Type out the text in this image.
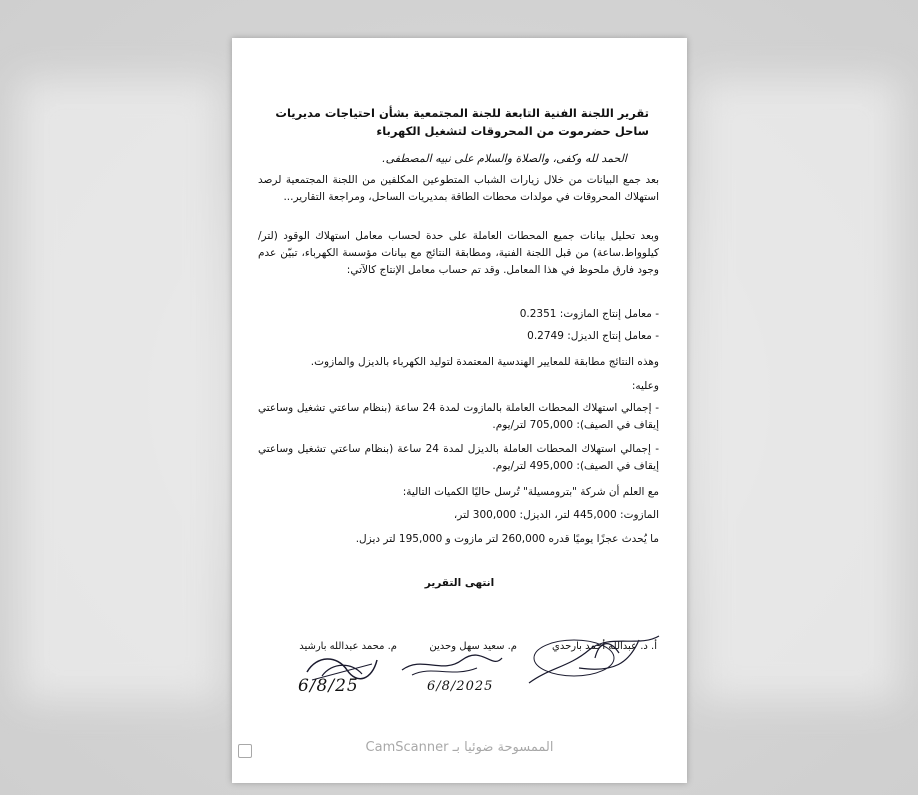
تقرير اللجنة الفنية التابعة للجنة المجتمعية بشأن احتياجات مديريات ساحل حضرموت من المحروقات لتشغيل الكهرباء
الحمد لله وكفى، والصلاة والسلام على نبيه المصطفى.
بعد جمع البيانات من خلال زيارات الشباب المتطوعين المكلفين من اللجنة المجتمعية لرصد استهلاك المحروقات في مولدات محطات الطاقة بمديريات الساحل، ومراجعة التقارير...
وبعد تحليل بيانات جميع المحطات العاملة على حدة لحساب معامل استهلاك الوقود (لتر/كيلوواط.ساعة) من قبل اللجنة الفنية، ومطابقة النتائج مع بيانات مؤسسة الكهرباء، تبيّن عدم وجود فارق ملحوظ في هذا المعامل. وقد تم حساب معامل الإنتاج كالآتي:
- معامل إنتاج المازوت: 0.2351
- معامل إنتاج الديزل: 0.2749
وهذه النتائج مطابقة للمعايير الهندسية المعتمدة لتوليد الكهرباء بالديزل والمازوت.
وعليه:
- إجمالي استهلاك المحطات العاملة بالمازوت لمدة 24 ساعة (بنظام ساعتي تشغيل وساعتي إيقاف في الصيف): 705,000 لتر/يوم.
- إجمالي استهلاك المحطات العاملة بالديزل لمدة 24 ساعة (بنظام ساعتي تشغيل وساعتي إيقاف في الصيف): 495,000 لتر/يوم.
مع العلم أن شركة "بترومسيلة" تُرسل حاليًا الكميات التالية:
المازوت: 445,000 لتر، الديزل: 300,000 لتر،
ما يُحدث عجزًا يوميًا قدره 260,000 لتر مازوت و 195,000 لتر ديزل.
انتهى التقرير
أ. د. عبدالله أحمد بارحدي
م. سعيد سهل وحدين
6/8/2025
م. محمد عبدالله بارشيد
6/8/25
الممسوحة ضوئيا بـ CamScanner
